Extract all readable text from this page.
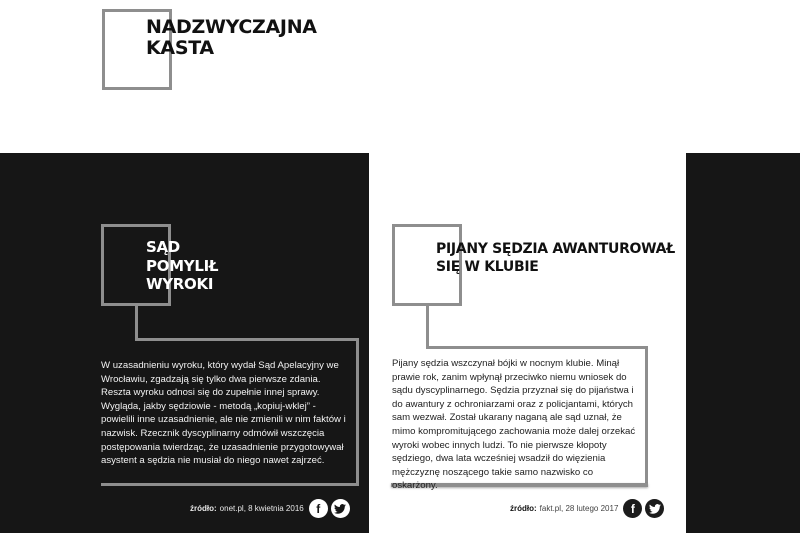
NADZWYCZAJNA
KASTA
SĄD
POMYLIŁ
WYROKI
W uzasadnieniu wyroku, który wydał Sąd Apelacyjny we Wrocławiu, zgadzają się tylko dwa pierwsze zdania. Reszta wyroku odnosi się do zupełnie innej sprawy. Wygląda, jakby sędziowie - metodą „kopiuj-wklej” - powielili inne uzasadnienie, ale nie zmienili w nim faktów i nazwisk. Rzecznik dyscyplinarny odmówił wszczęcia postępowania twierdząc, że uzasadnienie przygotowywał asystent a sędzia nie musiał do niego nawet zajrzeć.
źródło: onet.pl, 8 kwietnia 2016	f
PIJANY SĘDZIA AWANTUROWAŁ
SIĘ W KLUBIE
Pijany sędzia wszczynał bójki w nocnym klubie. Minął prawie rok, zanim wpłynął przeciwko niemu wniosek do sądu dyscyplinarnego. Sędzia przyznał się do pijaństwa i do awantury z ochroniarzami oraz z policjantami, których sam wezwał. Został ukarany naganą ale sąd uznał, że mimo kompromitującego zachowania może dalej orzekać wyroki wobec innych ludzi. To nie pierwsze kłopoty sędziego, dwa lata wcześniej wsadził do więzienia mężczyznę noszącego takie samo nazwisko co oskarżony.
źródło: fakt.pl, 28 lutego 2017	f
